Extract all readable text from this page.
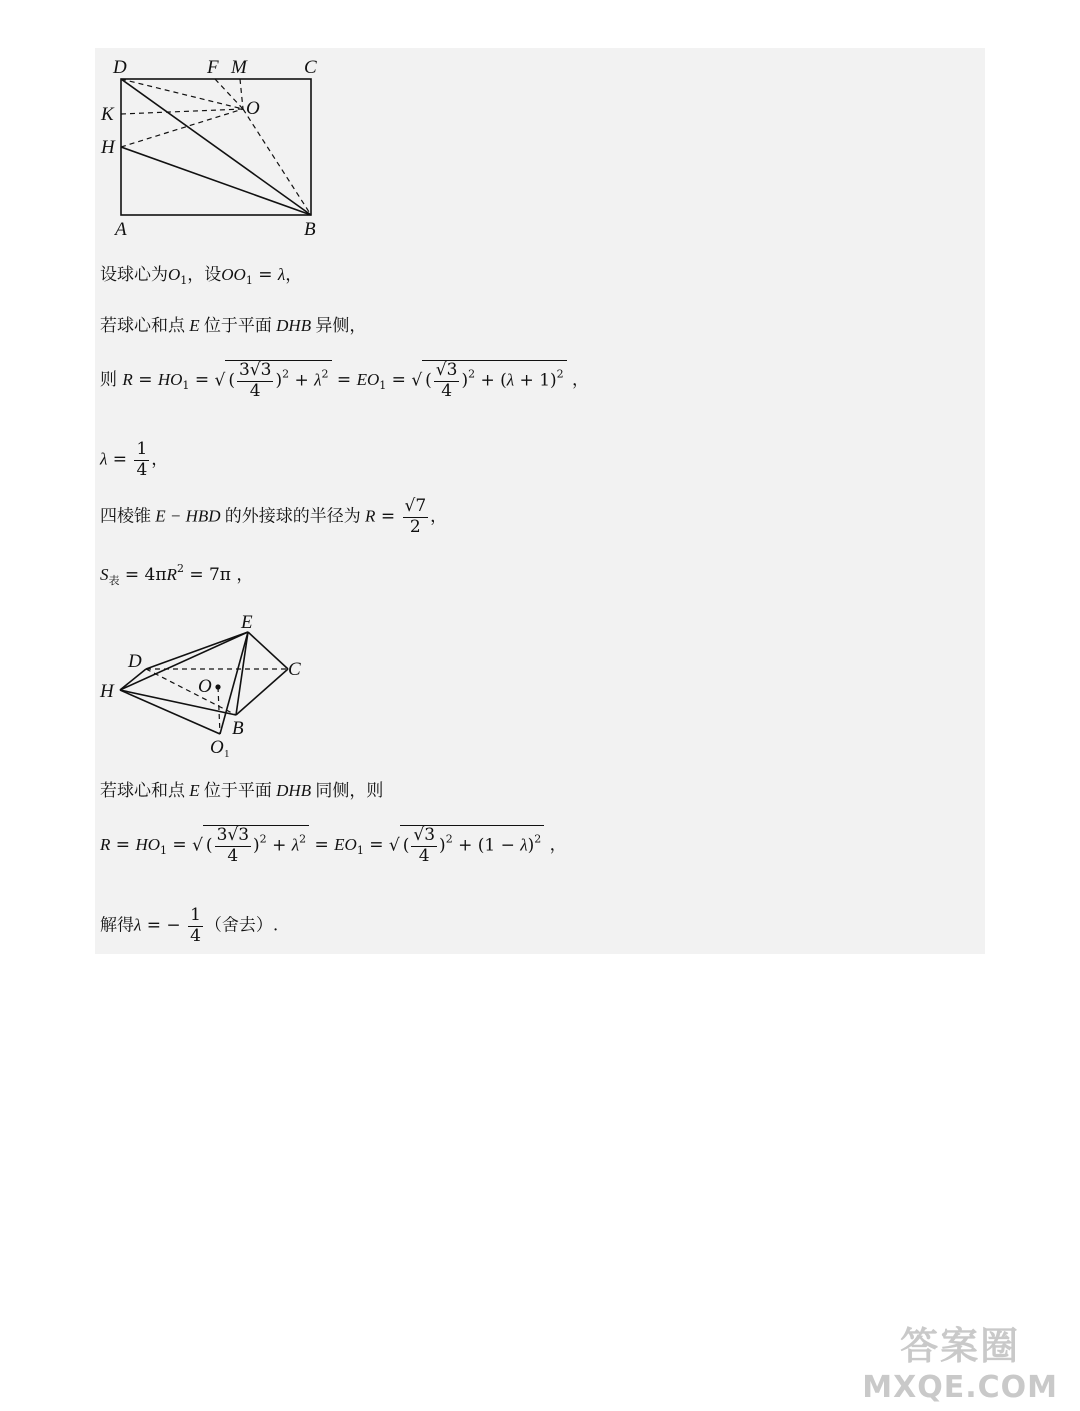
D	F M	C
K	O
H
A	B
设球心为$O_1$，设$OO_1 = \lambda$，
若球心和点 E 位于平面 DHB 异侧，
则 $R = HO_1$ = √ ( $\frac{3√3}{4} )^2 + \lambda^2 = EO_1$ = √ ( $\frac{√3}{4} )^2 + (\lambda + 1)^2$ ，
$\lambda = \frac{1}{4}$ ，
四棱锥 E − HBD 的外接球的半径为 $R = \frac{√7}{2}$ ，
$S_表 = 4\pi R^2 = 7\pi$ ，
E
D	C
H	O
B
O 1
若球心和点 E 位于平面 DHB 同侧，则
$R = HO_1$ = √ ( $\frac{3√3}{4} )^2 + \lambda^2 = EO_1$ = √ ( $\frac{√3}{4} )^2 + (1 - \lambda)^2$ ，
解得λ = − $\frac{1}{4}$ （舍去）.
答案圈
MXQE.COM
